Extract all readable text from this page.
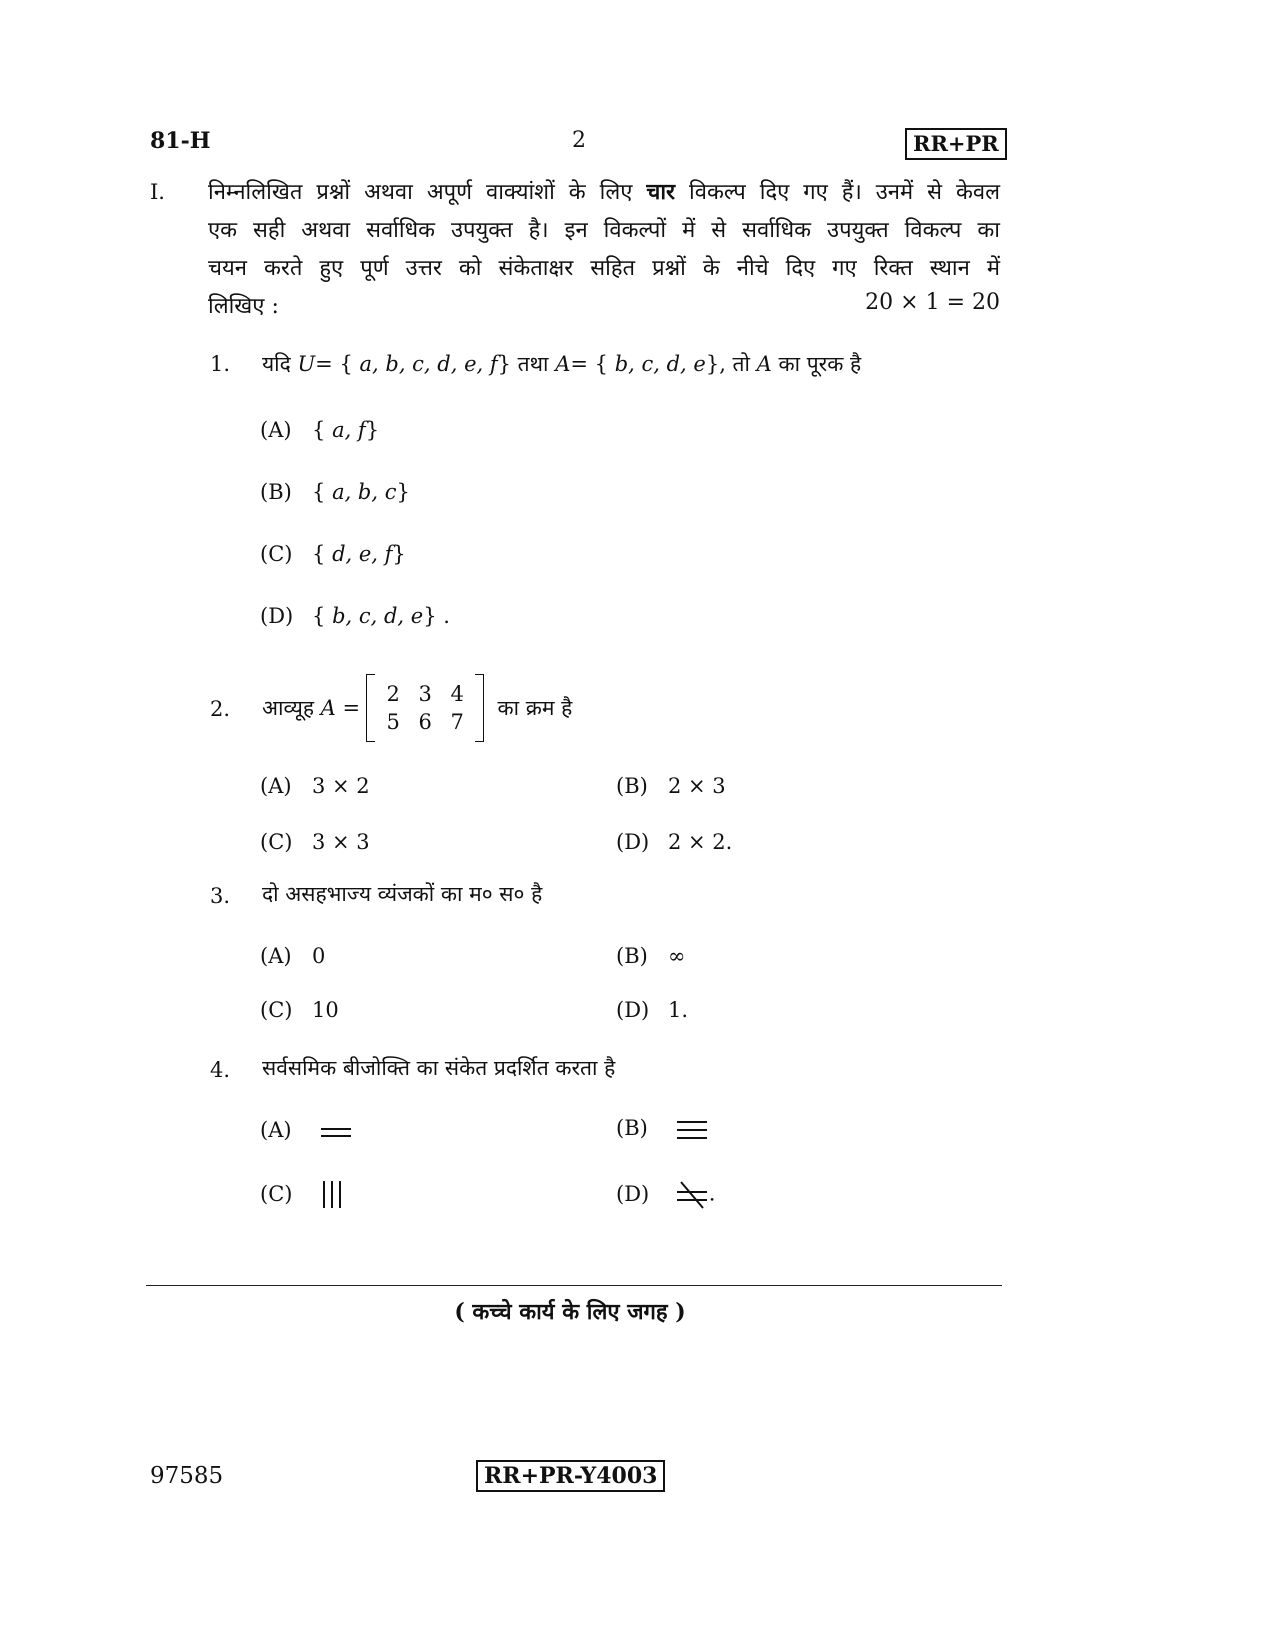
81-H	2	RR+PR
I. निम्नलिखित प्रश्नों अथवा अपूर्ण वाक्यांशों के लिए चार विकल्प दिए गए हैं। उनमें से केवल
एक सही अथवा सर्वाधिक उपयुक्त है। इन विकल्पों में से सर्वाधिक उपयुक्त विकल्प का
चयन करते हुए पूर्ण उत्तर को संकेताक्षर सहित प्रश्नों के नीचे दिए गए रिक्त स्थान में
लिखिए :	20 × 1 = 20
1. यदि U= { a, b, c, d, e, f} तथा A= { b, c, d, e}, तो A का पूरक है
(A) { a, f}
(B) { a, b, c}
(C) { d, e, f}
(D) { b, c, d, e} .
2. आव्यूह
A
=
2 3 4
5 6 7

का क्रम है
(A) 3 × 2	(B) 2 × 3
(C) 3 × 3	(D) 2 × 2.
3. दो असहभाज्य व्यंजकों का म० स० है
(A) 0	(B) ∞
(C) 10	(D) 1.
4. सर्वसमिक बीजोक्ति का संकेत प्रदर्शित करता है
(A)	(B)
(C)	(D)	.
( कच्चे कार्य के लिए जगह )
97585	RR+PR-Y4003
